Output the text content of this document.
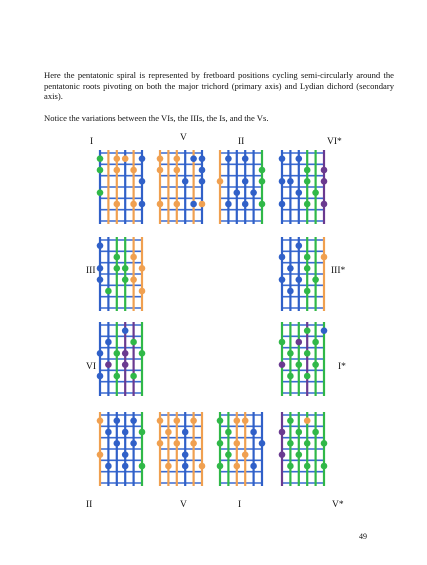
Here the pentatonic spiral is represented by fretboard positions cycling semi-circularly around the pentatonic roots pivoting on both the major trichord (primary axis) and Lydian dichord (secondary axis).

Notice the variations between the VIs, the IIIs, the Is, and the Vs.

I	V	II	VI*
III	III*
VI	I*
II	V	I	V*
49
